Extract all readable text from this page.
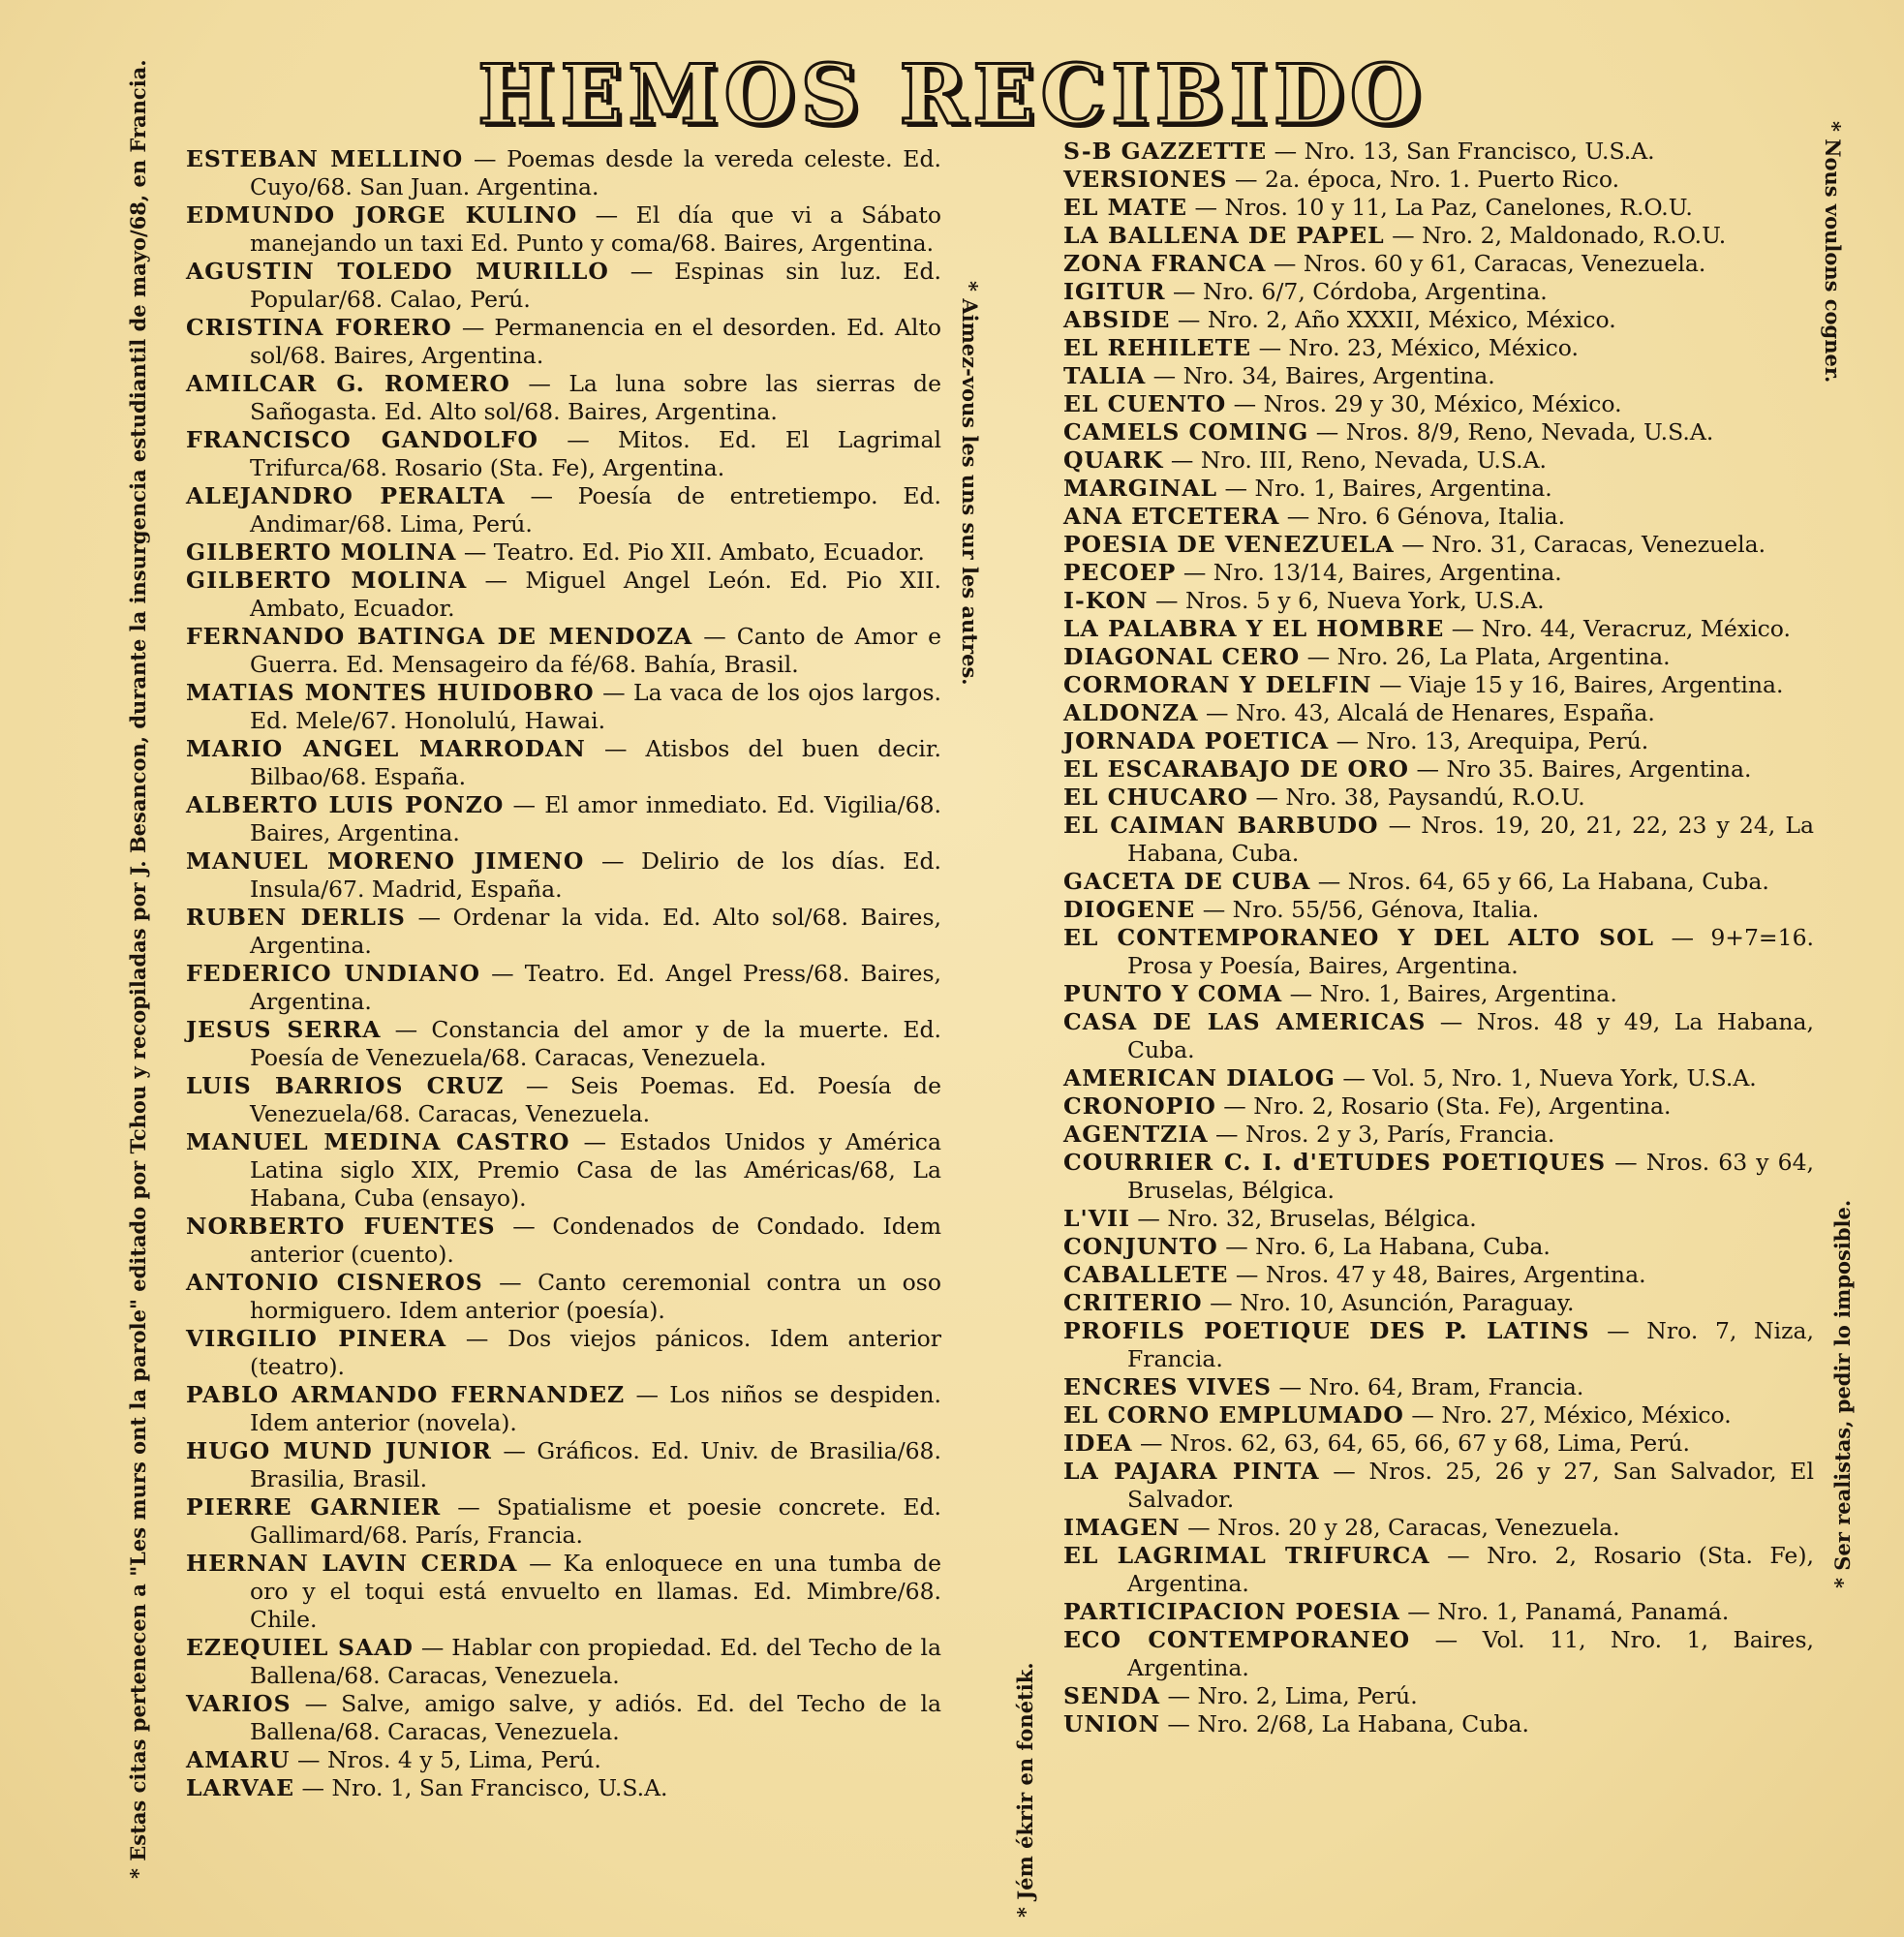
HEMOS RECIBIDO

ESTEBAN MELLINO — Poemas desde la vereda celeste. Ed. Cuyo/68. San Juan. Argentina.

EDMUNDO JORGE KULINO — El día que vi a Sábato manejando un taxi Ed. Punto y coma/68. Baires, Argentina.

AGUSTIN TOLEDO MURILLO — Espinas sin luz. Ed. Popular/68. Calao, Perú.

CRISTINA FORERO — Permanencia en el desorden. Ed. Alto sol/68. Baires, Argentina.

AMILCAR G. ROMERO — La luna sobre las sierras de Sañogasta. Ed. Alto sol/68. Baires, Argentina.

FRANCISCO GANDOLFO — Mitos. Ed. El Lagrimal Trifurca/68. Rosario (Sta. Fe), Argentina.

ALEJANDRO PERALTA — Poesía de entretiempo. Ed. Andimar/68. Lima, Perú.

GILBERTO MOLINA — Teatro. Ed. Pio XII. Ambato, Ecuador.

GILBERTO MOLINA — Miguel Angel León. Ed. Pio XII. Ambato, Ecuador.

FERNANDO BATINGA DE MENDOZA — Canto de Amor e Guerra. Ed. Mensageiro da fé/68. Bahía, Brasil.

MATIAS MONTES HUIDOBRO — La vaca de los ojos largos. Ed. Mele/67. Honolulú, Hawai.

MARIO ANGEL MARRODAN — Atisbos del buen decir. Bilbao/68. España.

ALBERTO LUIS PONZO — El amor inmediato. Ed. Vigilia/68. Baires, Argentina.

MANUEL MORENO JIMENO — Delirio de los días. Ed. Insula/67. Madrid, España.

RUBEN DERLIS — Ordenar la vida. Ed. Alto sol/68. Baires, Argentina.

FEDERICO UNDIANO — Teatro. Ed. Angel Press/68. Baires, Argentina.

JESUS SERRA — Constancia del amor y de la muerte. Ed. Poesía de Venezuela/68. Caracas, Venezuela.

LUIS BARRIOS CRUZ — Seis Poemas. Ed. Poesía de Venezuela/68. Caracas, Venezuela.

MANUEL MEDINA CASTRO — Estados Unidos y América Latina siglo XIX, Premio Casa de las Américas/68, La Habana, Cuba (ensayo).

NORBERTO FUENTES — Condenados de Condado. Idem anterior (cuento).

ANTONIO CISNEROS — Canto ceremonial contra un oso hormiguero. Idem anterior (poesía).

VIRGILIO PINERA — Dos viejos pánicos. Idem anterior (teatro).

PABLO ARMANDO FERNANDEZ — Los niños se despiden. Idem anterior (novela).

HUGO MUND JUNIOR — Gráficos. Ed. Univ. de Brasilia/68. Brasilia, Brasil.

PIERRE GARNIER — Spatialisme et poesie concrete. Ed. Gallimard/68. París, Francia.

HERNAN LAVIN CERDA — Ka enloquece en una tumba de oro y el toqui está envuelto en llamas. Ed. Mimbre/68. Chile.

EZEQUIEL SAAD — Hablar con propiedad. Ed. del Techo de la Ballena/68. Caracas, Venezuela.

VARIOS — Salve, amigo salve, y adiós. Ed. del Techo de la Ballena/68. Caracas, Venezuela.

AMARU — Nros. 4 y 5, Lima, Perú.

LARVAE — Nro. 1, San Francisco, U.S.A.

S-B GAZZETTE — Nro. 13, San Francisco, U.S.A.

VERSIONES — 2a. época, Nro. 1. Puerto Rico.

EL MATE — Nros. 10 y 11, La Paz, Canelones, R.O.U.

LA BALLENA DE PAPEL — Nro. 2, Maldonado, R.O.U.

ZONA FRANCA — Nros. 60 y 61, Caracas, Venezuela.

IGITUR — Nro. 6/7, Córdoba, Argentina.

ABSIDE — Nro. 2, Año XXXII, México, México.

EL REHILETE — Nro. 23, México, México.

TALIA — Nro. 34, Baires, Argentina.

EL CUENTO — Nros. 29 y 30, México, México.

CAMELS COMING — Nros. 8/9, Reno, Nevada, U.S.A.

QUARK — Nro. III, Reno, Nevada, U.S.A.

MARGINAL — Nro. 1, Baires, Argentina.

ANA ETCETERA — Nro. 6 Génova, Italia.

POESIA DE VENEZUELA — Nro. 31, Caracas, Venezuela.

PECOEP — Nro. 13/14, Baires, Argentina.

I-KON — Nros. 5 y 6, Nueva York, U.S.A.

LA PALABRA Y EL HOMBRE — Nro. 44, Veracruz, México.

DIAGONAL CERO — Nro. 26, La Plata, Argentina.

CORMORAN Y DELFIN — Viaje 15 y 16, Baires, Argentina.

ALDONZA — Nro. 43, Alcalá de Henares, España.

JORNADA POETICA — Nro. 13, Arequipa, Perú.

EL ESCARABAJO DE ORO — Nro 35. Baires, Argentina.

EL CHUCARO — Nro. 38, Paysandú, R.O.U.

EL CAIMAN BARBUDO — Nros. 19, 20, 21, 22, 23 y 24, La Habana, Cuba.

GACETA DE CUBA — Nros. 64, 65 y 66, La Habana, Cuba.

DIOGENE — Nro. 55/56, Génova, Italia.

EL CONTEMPORANEO Y DEL ALTO SOL — 9+7=16. Prosa y Poesía, Baires, Argentina.

PUNTO Y COMA — Nro. 1, Baires, Argentina.

CASA DE LAS AMERICAS — Nros. 48 y 49, La Habana, Cuba.

AMERICAN DIALOG — Vol. 5, Nro. 1, Nueva York, U.S.A.

CRONOPIO — Nro. 2, Rosario (Sta. Fe), Argentina.

AGENTZIA — Nros. 2 y 3, París, Francia.

COURRIER C. I. d'ETUDES POETIQUES — Nros. 63 y 64, Bruselas, Bélgica.

L'VII — Nro. 32, Bruselas, Bélgica.

CONJUNTO — Nro. 6, La Habana, Cuba.

CABALLETE — Nros. 47 y 48, Baires, Argentina.

CRITERIO — Nro. 10, Asunción, Paraguay.

PROFILS POETIQUE DES P. LATINS — Nro. 7, Niza, Francia.

ENCRES VIVES — Nro. 64, Bram, Francia.

EL CORNO EMPLUMADO — Nro. 27, México, México.

IDEA — Nros. 62, 63, 64, 65, 66, 67 y 68, Lima, Perú.

LA PAJARA PINTA — Nros. 25, 26 y 27, San Salvador, El Salvador.

IMAGEN — Nros. 20 y 28, Caracas, Venezuela.

EL LAGRIMAL TRIFURCA — Nro. 2, Rosario (Sta. Fe), Argentina.

PARTICIPACION POESIA — Nro. 1, Panamá, Panamá.

ECO CONTEMPORANEO — Vol. 11, Nro. 1, Baires, Argentina.

SENDA — Nro. 2, Lima, Perú.

UNION — Nro. 2/68, La Habana, Cuba.

* Estas citas pertenecen a "Les murs ont la parole" editado por Tchou y recopiladas por J. Besancon, durante la insurgencia estudiantil de mayo/68, en Francia.	* Aimez-vous les uns sur les autres.
* Jém ékrir en fonétik.
* Nous voulons cogner.
* Ser realistas, pedir lo imposible.
